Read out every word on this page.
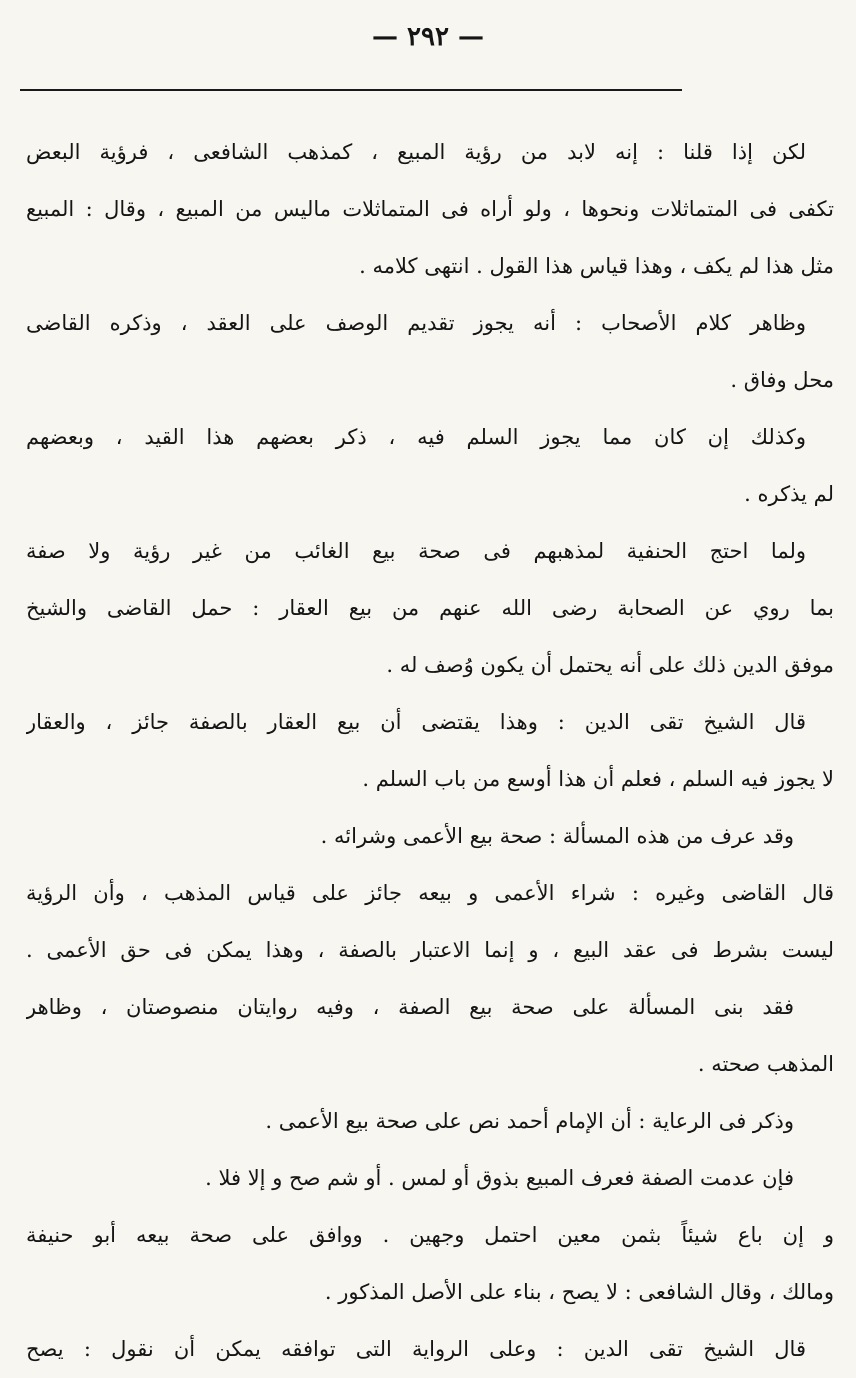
— ٢٩٢ —
لكن إذا قلنا : إنه لابد من رؤية المبيع ، كمذهب الشافعى ، فرؤية البعض
تكفى فى المتماثلات ونحوها ، ولو أراه فى المتماثلات ماليس من المبيع ، وقال : المبيع
مثل هذا لم يكف ، وهذا قياس هذا القول . انتهى كلامه .
وظاهر كلام الأصحاب : أنه يجوز تقديم الوصف على العقد ، وذكره القاضى
محل وفاق .
وكذلك إن كان مما يجوز السلم فيه ، ذكر بعضهم هذا القيد ، وبعضهم
لم يذكره .
ولما احتج الحنفية لمذهبهم فى صحة بيع الغائب من غير رؤية ولا صفة
بما روي عن الصحابة رضى الله عنهم من بيع العقار : حمل القاضى والشيخ
موفق الدين ذلك على أنه يحتمل أن يكون وُصف له .
قال الشيخ تقى الدين : وهذا يقتضى أن بيع العقار بالصفة جائز ، والعقار
لا يجوز فيه السلم ، فعلم أن هذا أوسع من باب السلم .
وقد عرف من هذه المسألة : صحة بيع الأعمى وشرائه .
قال القاضى وغيره : شراء الأعمى و بيعه جائز على قياس المذهب ، وأن الرؤية
ليست بشرط فى عقد البيع ، و إنما الاعتبار بالصفة ، وهذا يمكن فى حق الأعمى .
فقد بنى المسألة على صحة بيع الصفة ، وفيه روايتان منصوصتان ، وظاهر
المذهب صحته .
وذكر فى الرعاية : أن الإمام أحمد نص على صحة بيع الأعمى .
فإن عدمت الصفة فعرف المبيع بذوق أو لمس . أو شم صح و إلا فلا .
و إن باع شيئاً بثمن معين احتمل وجهين . ووافق على صحة بيعه أبو حنيفة
ومالك ، وقال الشافعى : لا يصح ، بناء على الأصل المذكور .
قال الشيخ تقى الدين : وعلى الرواية التى توافقه يمكن أن نقول : يصح
